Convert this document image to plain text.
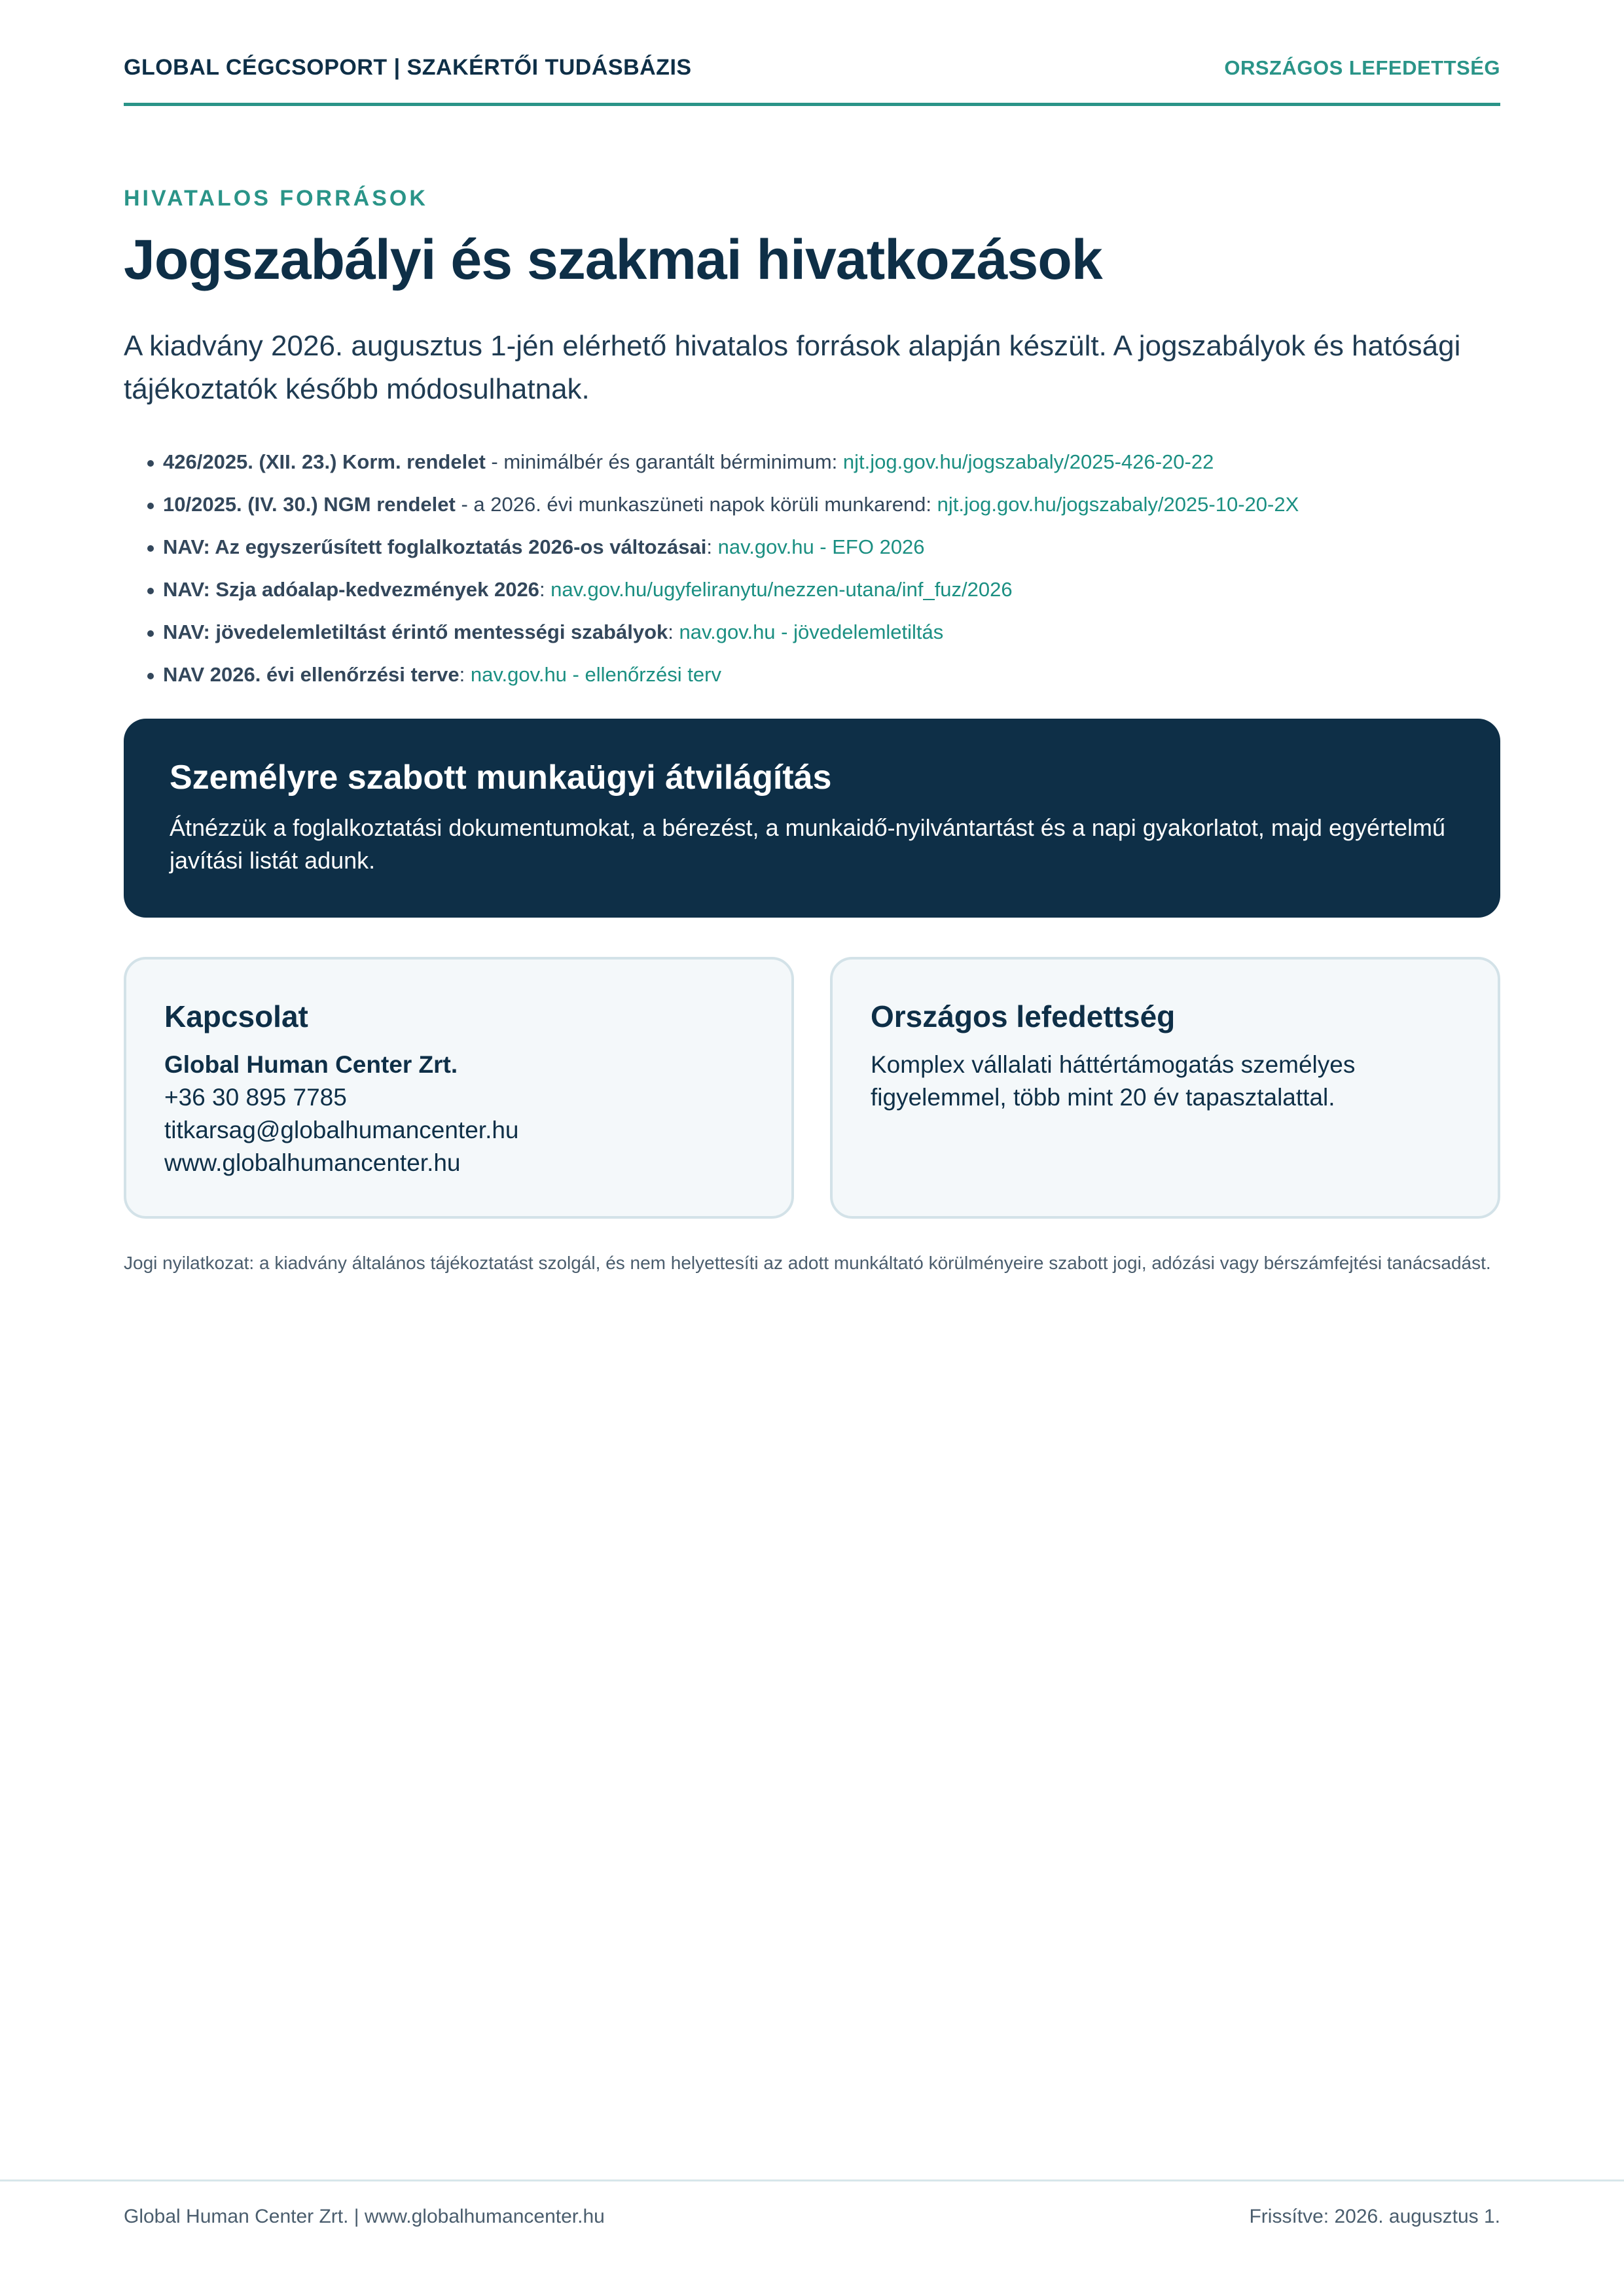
GLOBAL CÉGCSOPORT | SZAKÉRTŐI TUDÁSBÁZIS	ORSZÁGOS LEFEDETTSÉG
HIVATALOS FORRÁSOK
Jogszabályi és szakmai hivatkozások

A kiadvány 2026. augusztus 1-jén elérhető hivatalos források alapján készült. A jogszabályok és hatósági tájékoztatók később módosulhatnak.

426/2025. (XII. 23.) Korm. rendelet - minimálbér és garantált bérminimum: njt.jog.gov.hu/jogszabaly/2025-426-20-22
10/2025. (IV. 30.) NGM rendelet - a 2026. évi munkaszüneti napok körüli munkarend: njt.jog.gov.hu/jogszabaly/2025-10-20-2X
NAV: Az egyszerűsített foglalkoztatás 2026-os változásai: nav.gov.hu - EFO 2026
NAV: Szja adóalap-kedvezmények 2026: nav.gov.hu/ugyfeliranytu/nezzen-utana/inf_fuz/2026
NAV: jövedelemletiltást érintő mentességi szabályok: nav.gov.hu - jövedelemletiltás
NAV 2026. évi ellenőrzési terve: nav.gov.hu - ellenőrzési terv
Személyre szabott munkaügyi átvilágítás

Átnézzük a foglalkoztatási dokumentumokat, a bérezést, a munkaidő-nyilvántartást és a napi gyakorlatot, majd egyértelmű javítási listát adunk.

Kapcsolat

Global Human Center Zrt.

+36 30 895 7785

titkarsag@globalhumancenter.hu

www.globalhumancenter.hu

Országos lefedettség

Komplex vállalati háttértámogatás személyes figyelemmel, több mint 20 év tapasztalattal.

Jogi nyilatkozat: a kiadvány általános tájékoztatást szolgál, és nem helyettesíti az adott munkáltató körülményeire szabott jogi, adózási vagy bérszámfejtési tanácsadást.

Global Human Center Zrt. | www.globalhumancenter.hu	Frissítve: 2026. augusztus 1.
